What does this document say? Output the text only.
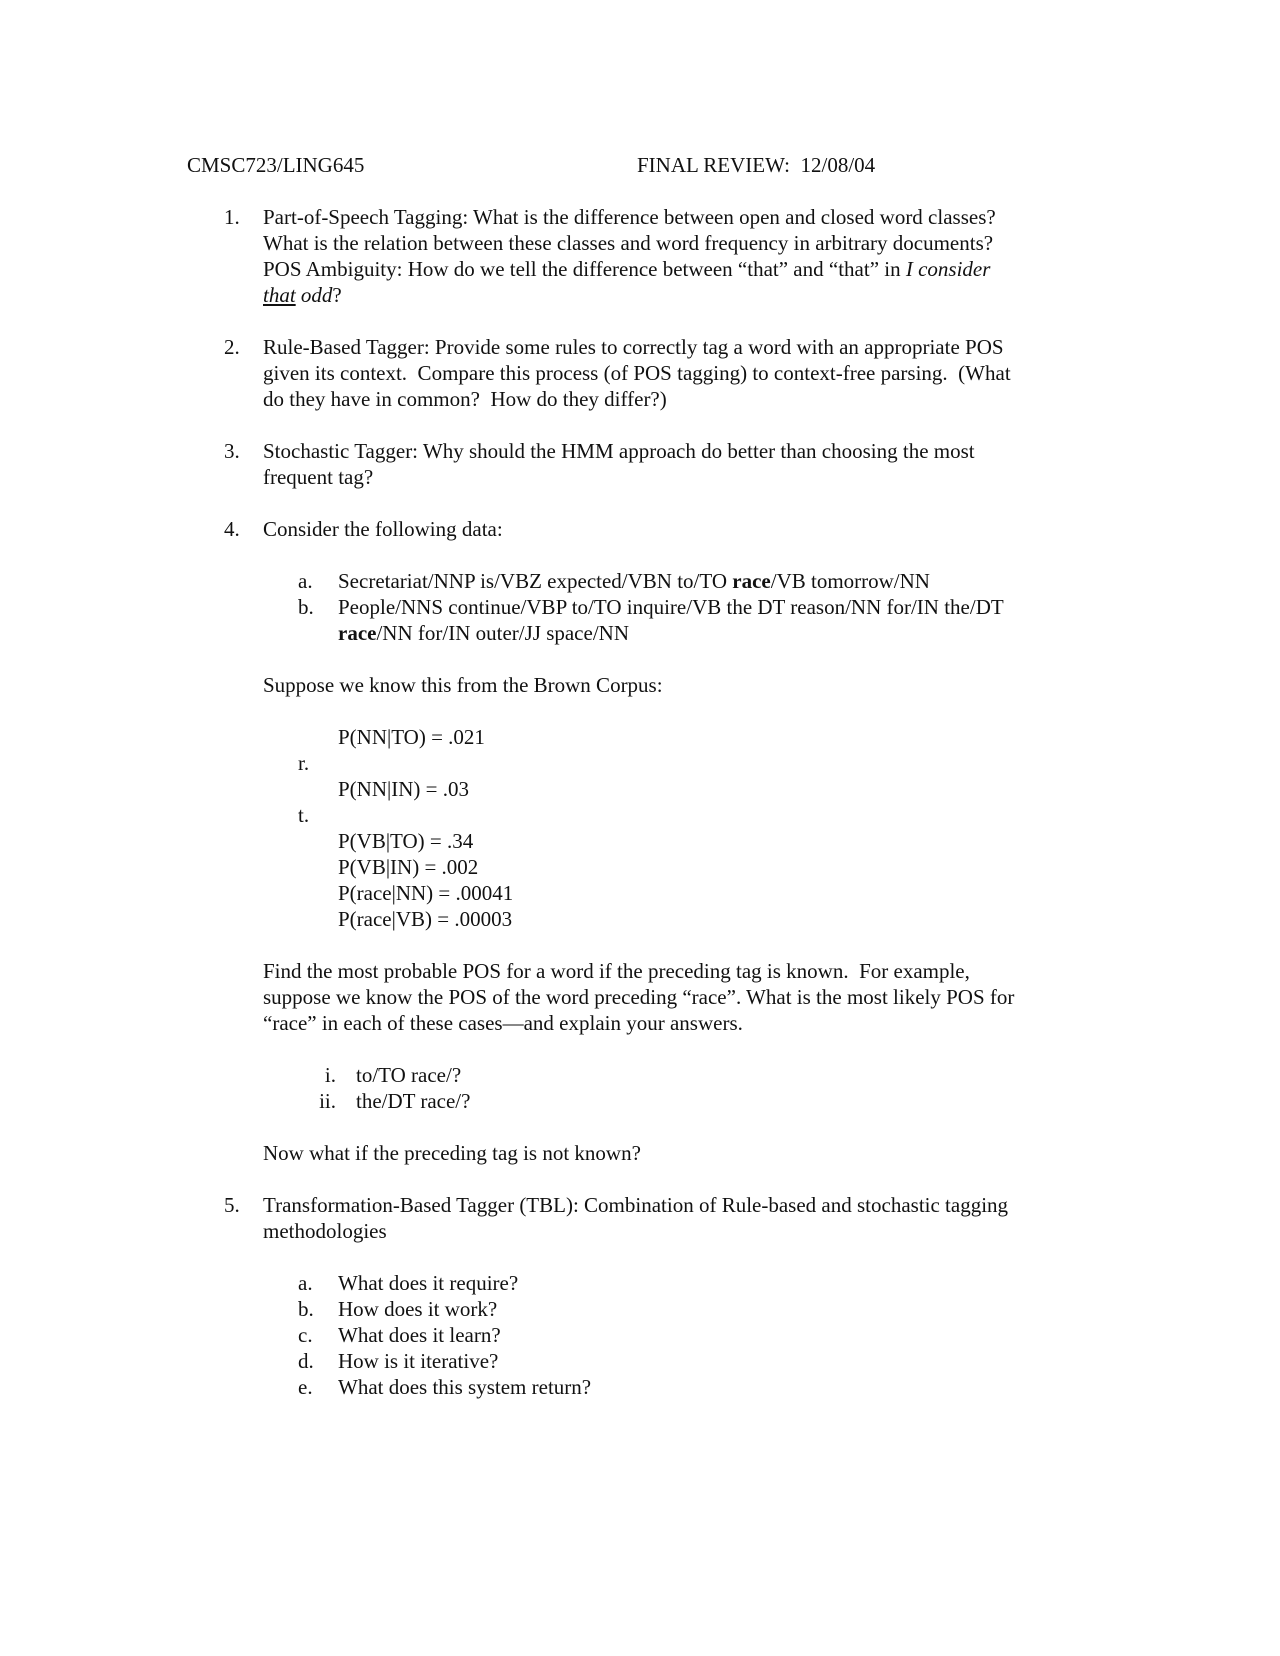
CMSC723/LING645	FINAL REVIEW:  12/08/04
1. Part-of-Speech Tagging: What is the difference between open and closed word classes?
What is the relation between these classes and word frequency in arbitrary documents?
POS Ambiguity: How do we tell the difference between “that” and “that” in I consider
that odd?
2. Rule-Based Tagger: Provide some rules to correctly tag a word with an appropriate POS
given its context.  Compare this process (of POS tagging) to context-free parsing.  (What
do they have in common?  How do they differ?)
3. Stochastic Tagger: Why should the HMM approach do better than choosing the most
frequent tag?
4. Consider the following data:
a. Secretariat/NNP is/VBZ expected/VBN to/TO race/VB tomorrow/NN
b. People/NNS continue/VBP to/TO inquire/VB the DT reason/NN for/IN the/DT
race/NN for/IN outer/JJ space/NN
Suppose we know this from the Brown Corpus:
P(NN|TO) = .021
r.
P(NN|IN) = .03
t.
P(VB|TO) = .34
P(VB|IN) = .002
P(race|NN) = .00041
P(race|VB) = .00003
Find the most probable POS for a word if the preceding tag is known.  For example,
suppose we know the POS of the word preceding “race”. What is the most likely POS for
“race” in each of these cases—and explain your answers.
i. to/TO race/?
ii. the/DT race/?
Now what if the preceding tag is not known?
5. Transformation-Based Tagger (TBL): Combination of Rule-based and stochastic tagging
methodologies
a. What does it require?
b. How does it work?
c. What does it learn?
d. How is it iterative?
e. What does this system return?
